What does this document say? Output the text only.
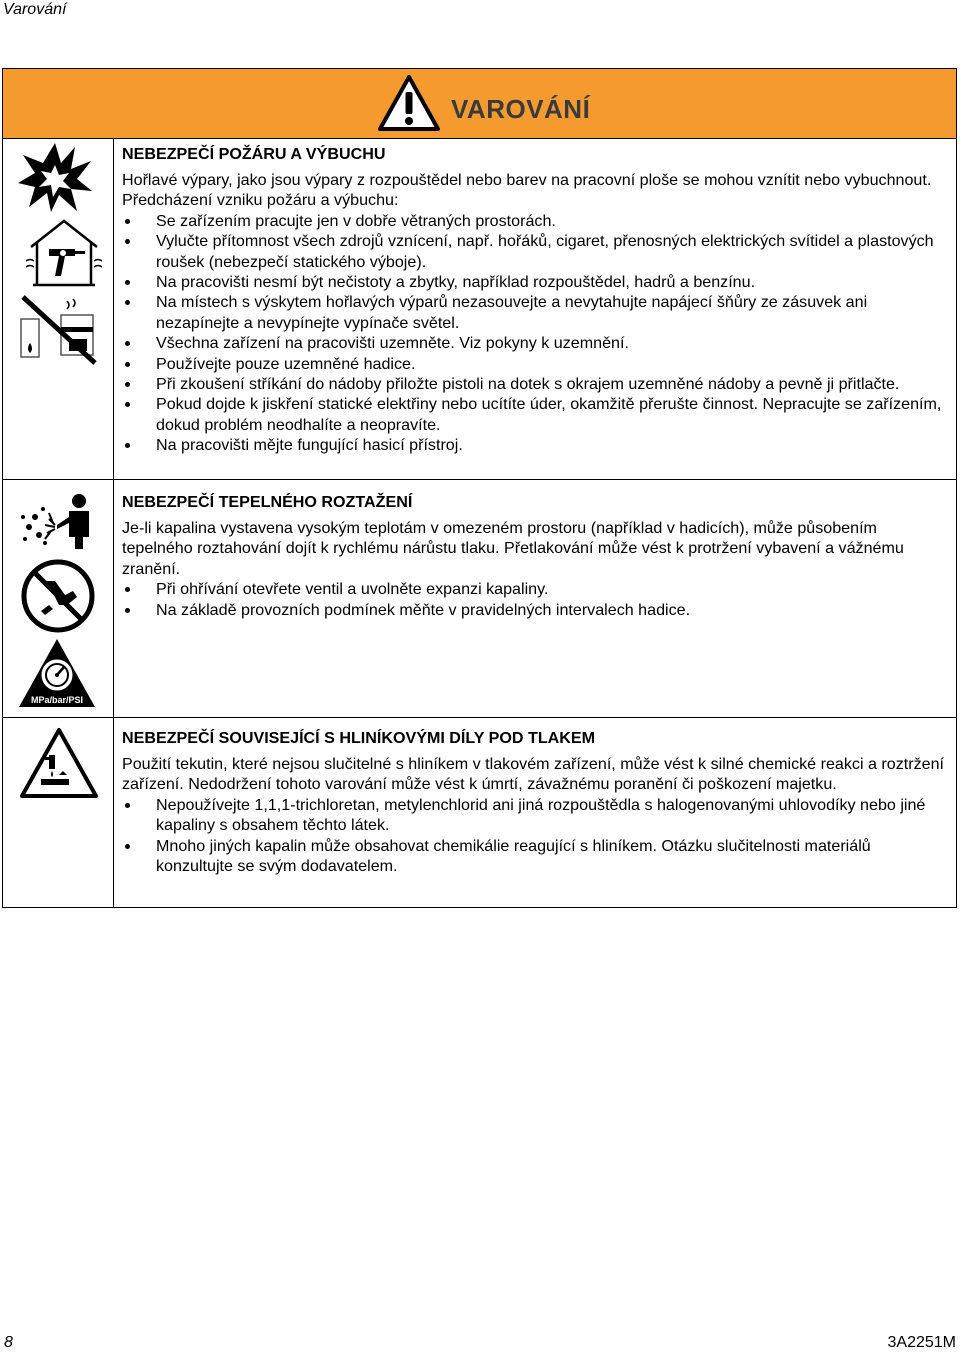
Varování
VAROVÁNÍ
MPa/bar/PSI
NEBEZPEČÍ POŽÁRU A VÝBUCHU

Hořlavé výpary, jako jsou výpary z rozpouštědel nebo barev na pracovní ploše se mohou vznítit nebo vybuchnout. Předcházení vzniku požáru a výbuchu:

Se zařízením pracujte jen v dobře větraných prostorách.
Vylučte přítomnost všech zdrojů vznícení, např. hořáků, cigaret, přenosných elektrických svítidel a plastových roušek (nebezpečí statického výboje).
Na pracovišti nesmí být nečistoty a zbytky, například rozpouštědel, hadrů a benzínu.
Na místech s výskytem hořlavých výparů nezasouvejte a nevytahujte napájecí šňůry ze zásuvek ani nezapínejte a nevypínejte vypínače světel.
Všechna zařízení na pracovišti uzemněte. Viz pokyny k uzemnění.
Používejte pouze uzemněné hadice.
Při zkoušení stříkání do nádoby přiložte pistoli na dotek s okrajem uzemněné nádoby a pevně ji přitlačte.
Pokud dojde k jiskření statické elektřiny nebo ucítíte úder, okamžitě přerušte činnost. Nepracujte se zařízením, dokud problém neodhalíte a neopravíte.
Na pracovišti mějte fungující hasicí přístroj.
NEBEZPEČÍ TEPELNÉHO ROZTAŽENÍ

Je-li kapalina vystavena vysokým teplotám v omezeném prostoru (například v hadicích), může působením tepelného roztahování dojít k rychlému nárůstu tlaku. Přetlakování může vést k protržení vybavení a vážnému zranění.

Při ohřívání otevřete ventil a uvolněte expanzi kapaliny.
Na základě provozních podmínek měňte v pravidelných intervalech hadice.
NEBEZPEČÍ SOUVISEJÍCÍ S HLINÍKOVÝMI DÍLY POD TLAKEM

Použití tekutin, které nejsou slučitelné s hliníkem v tlakovém zařízení, může vést k silné chemické reakci a roztržení zařízení. Nedodržení tohoto varování může vést k úmrtí, závažnému poranění či poškození majetku.

Nepoužívejte 1,1,1-trichloretan, metylenchlorid ani jiná rozpouštědla s halogenovanými uhlovodíky nebo jiné kapaliny s obsahem těchto látek.
Mnoho jiných kapalin může obsahovat chemikálie reagující s hliníkem. Otázku slučitelnosti materiálů konzultujte se svým dodavatelem.
8	3A2251M
